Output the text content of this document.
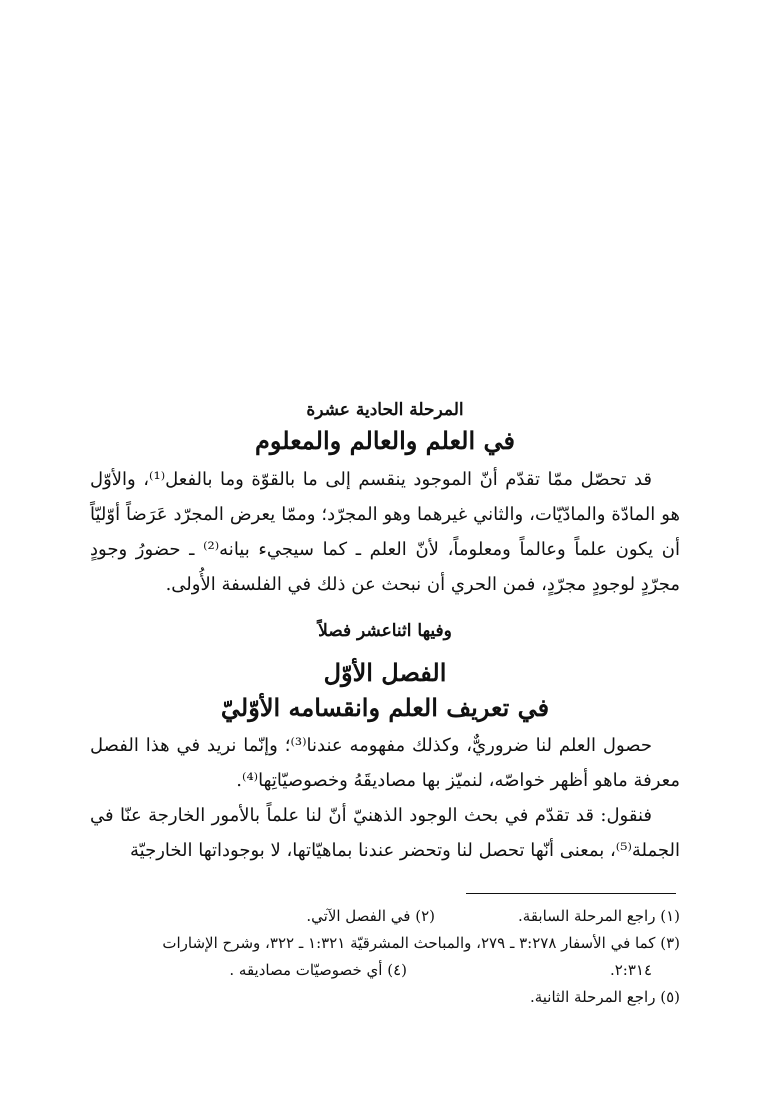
المرحلة الحادية عشرة

في العلم والعالم والمعلوم

قد تحصّل ممّا تقدّم أنّ الموجود ينقسم إلى ما بالقوّة وما بالفعل⁽¹⁾، والأوّل هو المادّة والمادّيّات، والثاني غيرهما وهو المجرّد؛ وممّا يعرض المجرّد عَرَضاً أوّليّاً أن يكون علماً وعالماً ومعلوماً، لأنّ العلم ـ كما سيجيء بيانه⁽²⁾ ـ حضورُ وجودٍ مجرّدٍ لوجودٍ مجرّدٍ، فمن الحري أن نبحث عن ذلك في الفلسفة الأُولى.

وفيها اثناعشر فصلاً

الفصل الأوّل

في تعريف العلم وانقسامه الأوّليّ

حصول العلم لنا ضروريٌّ، وكذلك مفهومه عندنا⁽³⁾؛ وإنّما نريد في هذا الفصل معرفة ماهو أظهر خواصّه، لنميّز بها مصاديقَهُ وخصوصيّاتِها⁽⁴⁾.

فنقول: قد تقدّم في بحث الوجود الذهنيّ أنّ لنا علماً بالأمور الخارجة عنّا في الجملة⁽⁵⁾، بمعنى أنّها تحصل لنا وتحضر عندنا بماهيّاتها، لا بوجوداتها الخارجيّة

(١) راجع المرحلة السابقة.
(٢) في الفصل الآتي.
(٣) كما في الأسفار ٣:٢٧٨ ـ ٢٧٩، والمباحث المشرقيّة ١:٣٢١ ـ ٣٢٢، وشرح الإشارات
٢:٣١٤.
(٤) أي خصوصيّات مصاديقه .
(٥) راجع المرحلة الثانية.
